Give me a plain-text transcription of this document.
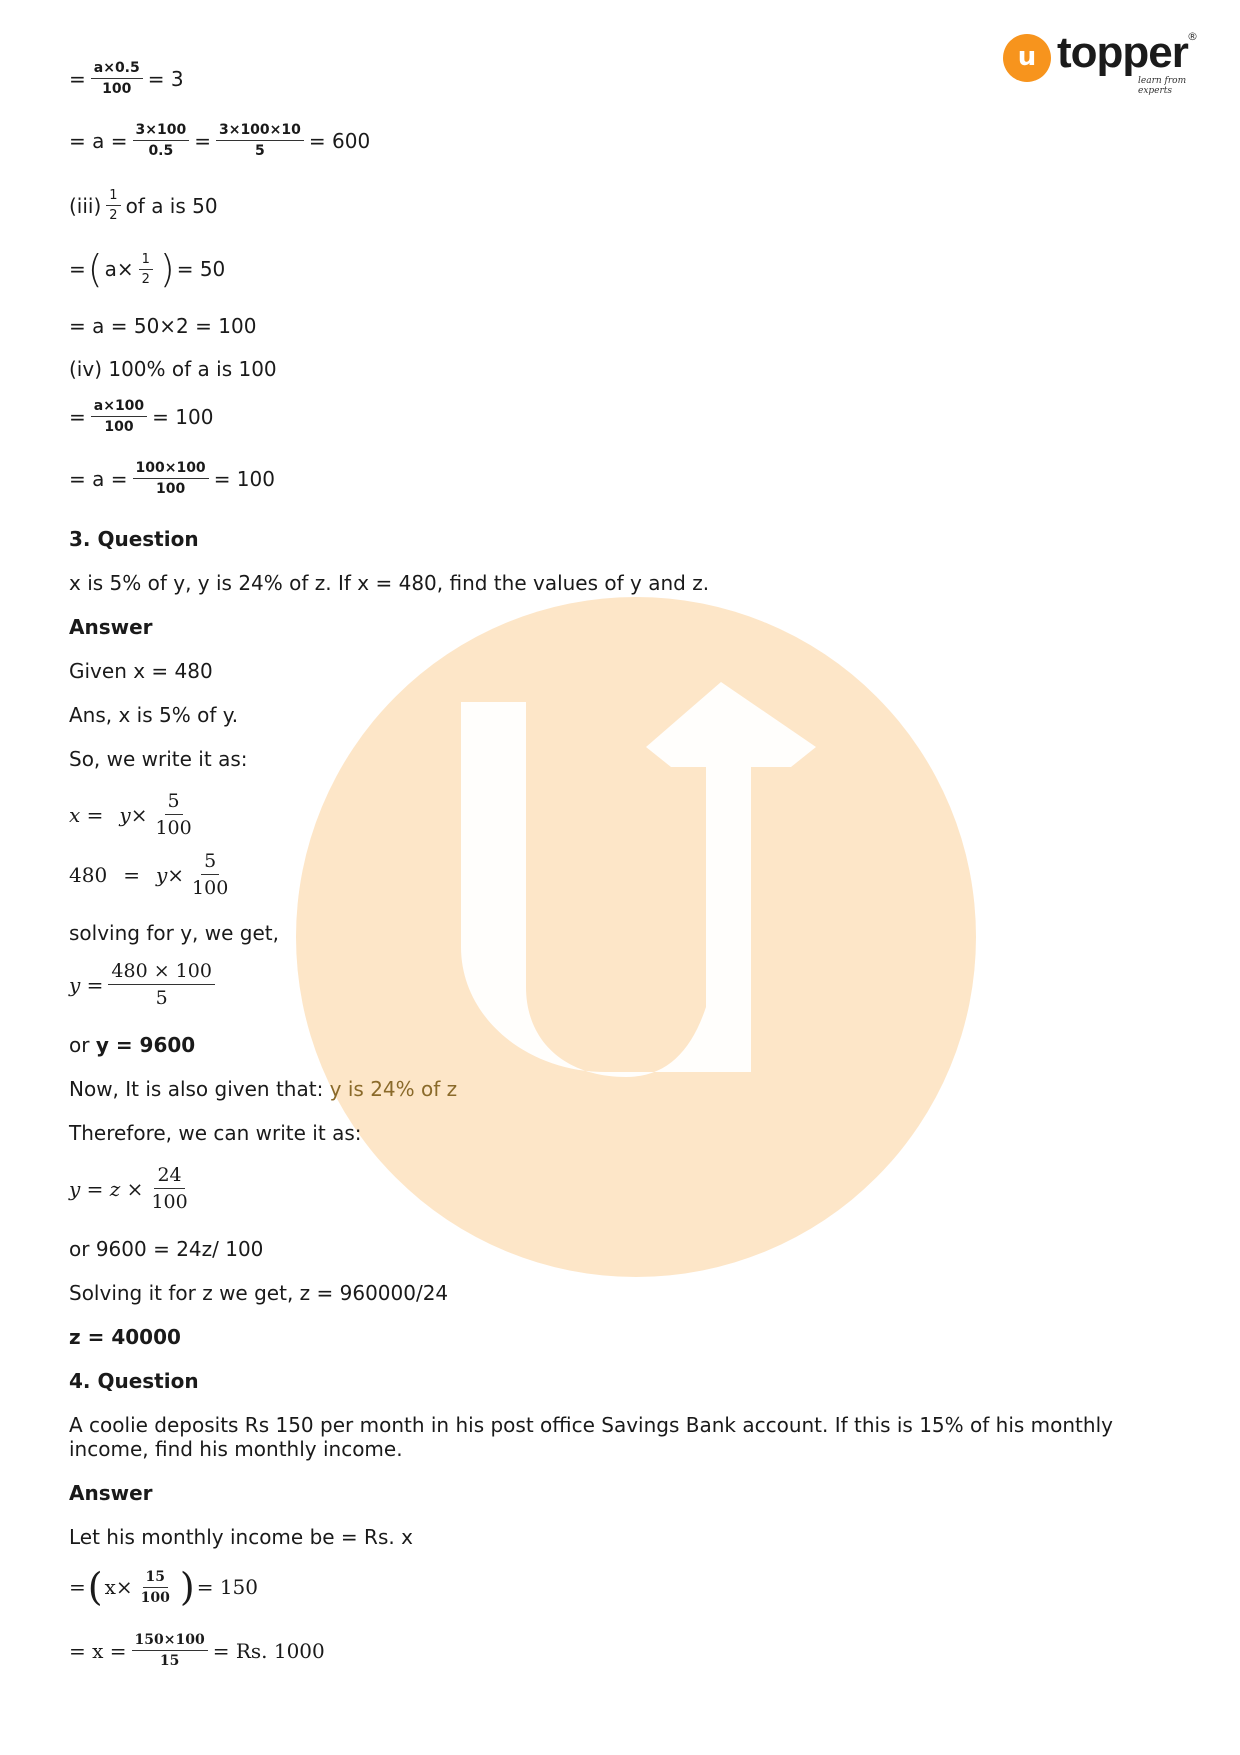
u topper ®
learn from experts
= $\frac{a\times 0.5}{100} = 3$
= $a = \frac{3\times 100}{0.5} = \frac{3\times 100\times 10}{5} = 600$
$(iii) \frac{1}{2}$ of a is 50
= ( $a\times \frac{1}{2}$ ) = 50
= a = 50×2 = 100
(iv) 100% of a is 100
= $\frac{a\times 100}{100} = 100$
= $a = \frac{100\times 100}{100} = 100$
3. Question
x is 5% of y, y is 24% of z. If x = 480, find the values of y and z.
Answer
Given x = 480
Ans, x is 5% of y.
So, we write it as:
$x = y\times \frac{5}{100}$
$480 = y\times \frac{5}{100}$
solving for y, we get,
$y = \frac{480 \times 100}{5}$
or y = 9600
Now, It is also given that: y is 24% of z
Therefore, we can write it as:
$y = z \times \frac{24}{100}$
or 9600 = 24z/ 100
Solving it for z we get, z = 960000/24
z = 40000
4. Question
A coolie deposits Rs 150 per month in his post office Savings Bank account. If this is 15% of his monthly
income, find his monthly income.
Answer
Let his monthly income be = Rs. x
= ( $x\times \frac{15}{100}$ ) = 150
= $x = \frac{150\times 100}{15} = Rs$. 1000
